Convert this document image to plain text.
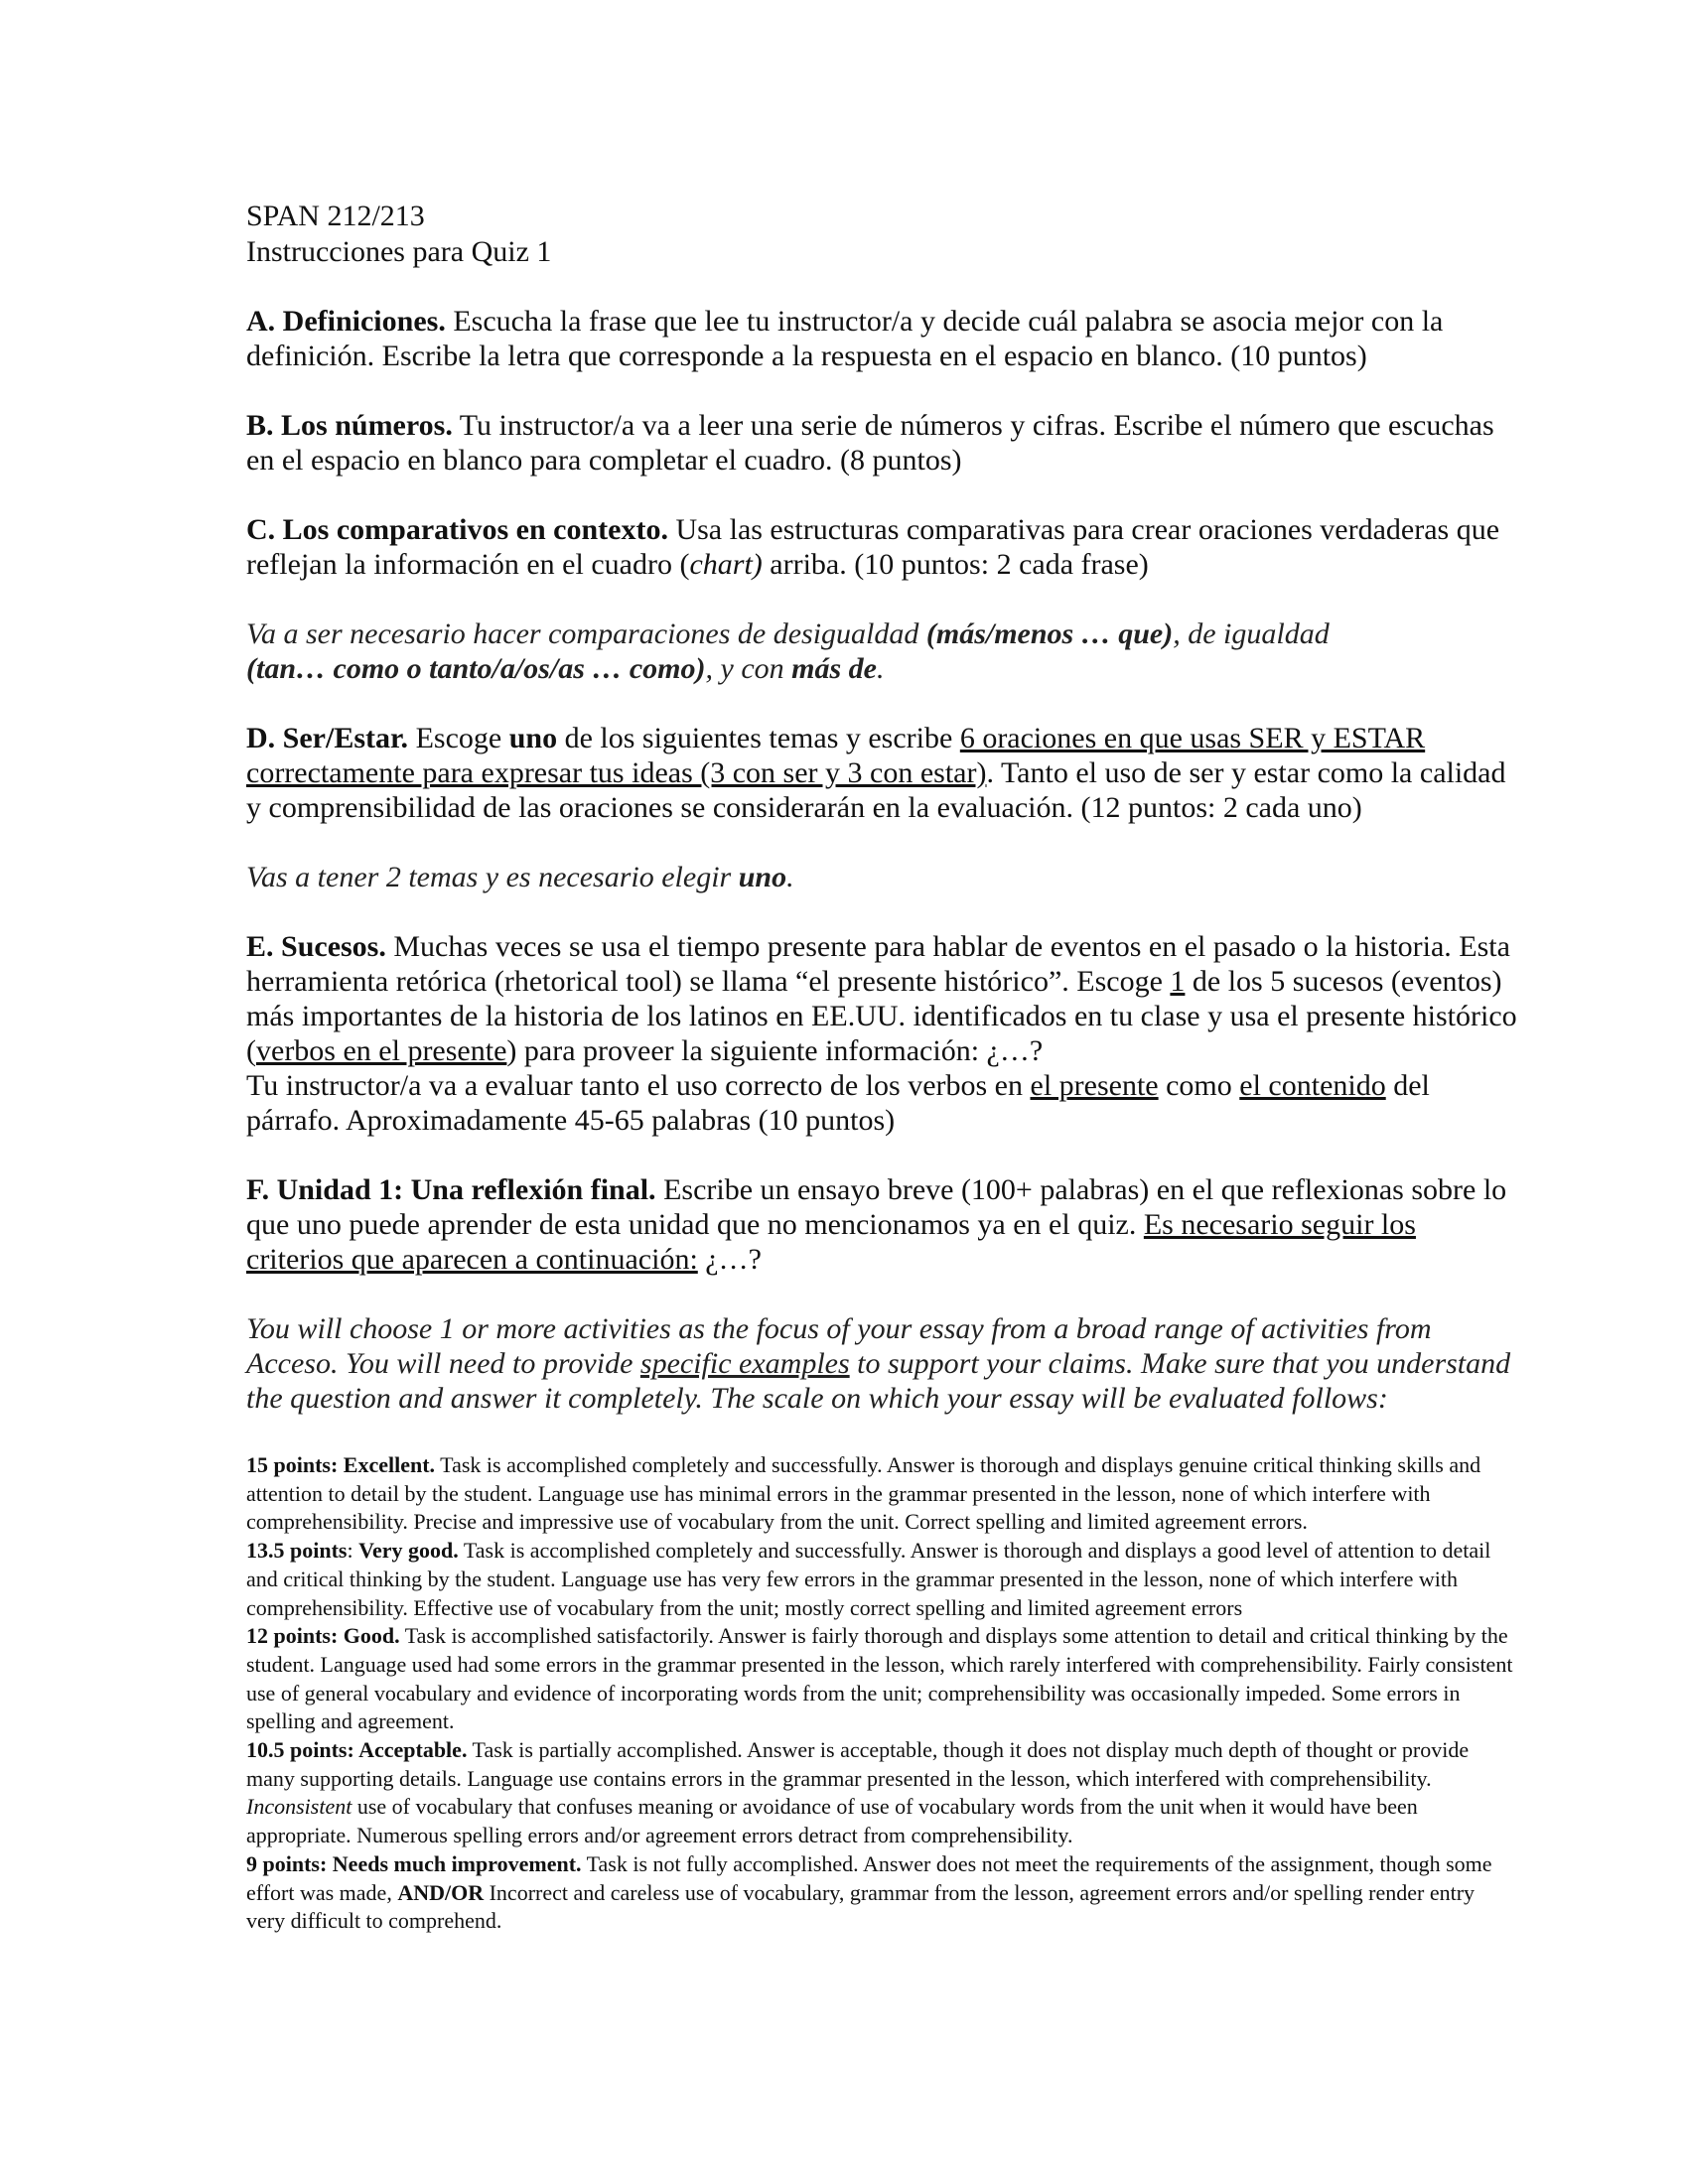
SPAN 212/213

Instrucciones para Quiz 1

A. Definiciones. Escucha la frase que lee tu instructor/a y decide cuál palabra se asocia mejor con la definición. Escribe la letra que corresponde a la respuesta en el espacio en blanco. (10 puntos)

B. Los números. Tu instructor/a va a leer una serie de números y cifras. Escribe el número que escuchas en el espacio en blanco para completar el cuadro. (8 puntos)

C. Los comparativos en contexto. Usa las estructuras comparativas para crear oraciones verdaderas que reflejan la información en el cuadro (chart) arriba. (10 puntos: 2 cada frase)

Va a ser necesario hacer comparaciones de desigualdad (más/menos … que), de igualdad
(tan… como o tanto/a/os/as … como), y con más de.

D. Ser/Estar. Escoge uno de los siguientes temas y escribe 6 oraciones en que usas SER y ESTAR correctamente para expresar tus ideas (3 con ser y 3 con estar). Tanto el uso de ser y estar como la calidad y comprensibilidad de las oraciones se considerarán en la evaluación. (12 puntos: 2 cada uno)

Vas a tener 2 temas y es necesario elegir uno.

E. Sucesos. Muchas veces se usa el tiempo presente para hablar de eventos en el pasado o la historia. Esta herramienta retórica (rhetorical tool) se llama “el presente histórico”. Escoge 1 de los 5 sucesos (eventos) más importantes de la historia de los latinos en EE.UU. identificados en tu clase y usa el presente histórico (verbos en el presente) para proveer la siguiente información: ¿…?
Tu instructor/a va a evaluar tanto el uso correcto de los verbos en el presente como el contenido del párrafo. Aproximadamente 45-65 palabras (10 puntos)

F. Unidad 1: Una reflexión final. Escribe un ensayo breve (100+ palabras) en el que reflexionas sobre lo que uno puede aprender de esta unidad que no mencionamos ya en el quiz. Es necesario seguir los criterios que aparecen a continuación: ¿…?

You will choose 1 or more activities as the focus of your essay from a broad range of activities from Acceso. You will need to provide specific examples to support your claims. Make sure that you understand the question and answer it completely. The scale on which your essay will be evaluated follows:

15 points: Excellent. Task is accomplished completely and successfully. Answer is thorough and displays genuine critical thinking skills and attention to detail by the student. Language use has minimal errors in the grammar presented in the lesson, none of which interfere with comprehensibility. Precise and impressive use of vocabulary from the unit. Correct spelling and limited agreement errors.

13.5 points: Very good. Task is accomplished completely and successfully. Answer is thorough and displays a good level of attention to detail and critical thinking by the student. Language use has very few errors in the grammar presented in the lesson, none of which interfere with comprehensibility. Effective use of vocabulary from the unit; mostly correct spelling and limited agreement errors

12 points: Good. Task is accomplished satisfactorily. Answer is fairly thorough and displays some attention to detail and critical thinking by the student. Language used had some errors in the grammar presented in the lesson, which rarely interfered with comprehensibility. Fairly consistent use of general vocabulary and evidence of incorporating words from the unit; comprehensibility was occasionally impeded. Some errors in spelling and agreement.

10.5 points: Acceptable. Task is partially accomplished. Answer is acceptable, though it does not display much depth of thought or provide many supporting details. Language use contains errors in the grammar presented in the lesson, which interfered with comprehensibility. Inconsistent use of vocabulary that confuses meaning or avoidance of use of vocabulary words from the unit when it would have been appropriate. Numerous spelling errors and/or agreement errors detract from comprehensibility.

9 points: Needs much improvement. Task is not fully accomplished. Answer does not meet the requirements of the assignment, though some effort was made, AND/OR Incorrect and careless use of vocabulary, grammar from the lesson, agreement errors and/or spelling render entry very difficult to comprehend.
